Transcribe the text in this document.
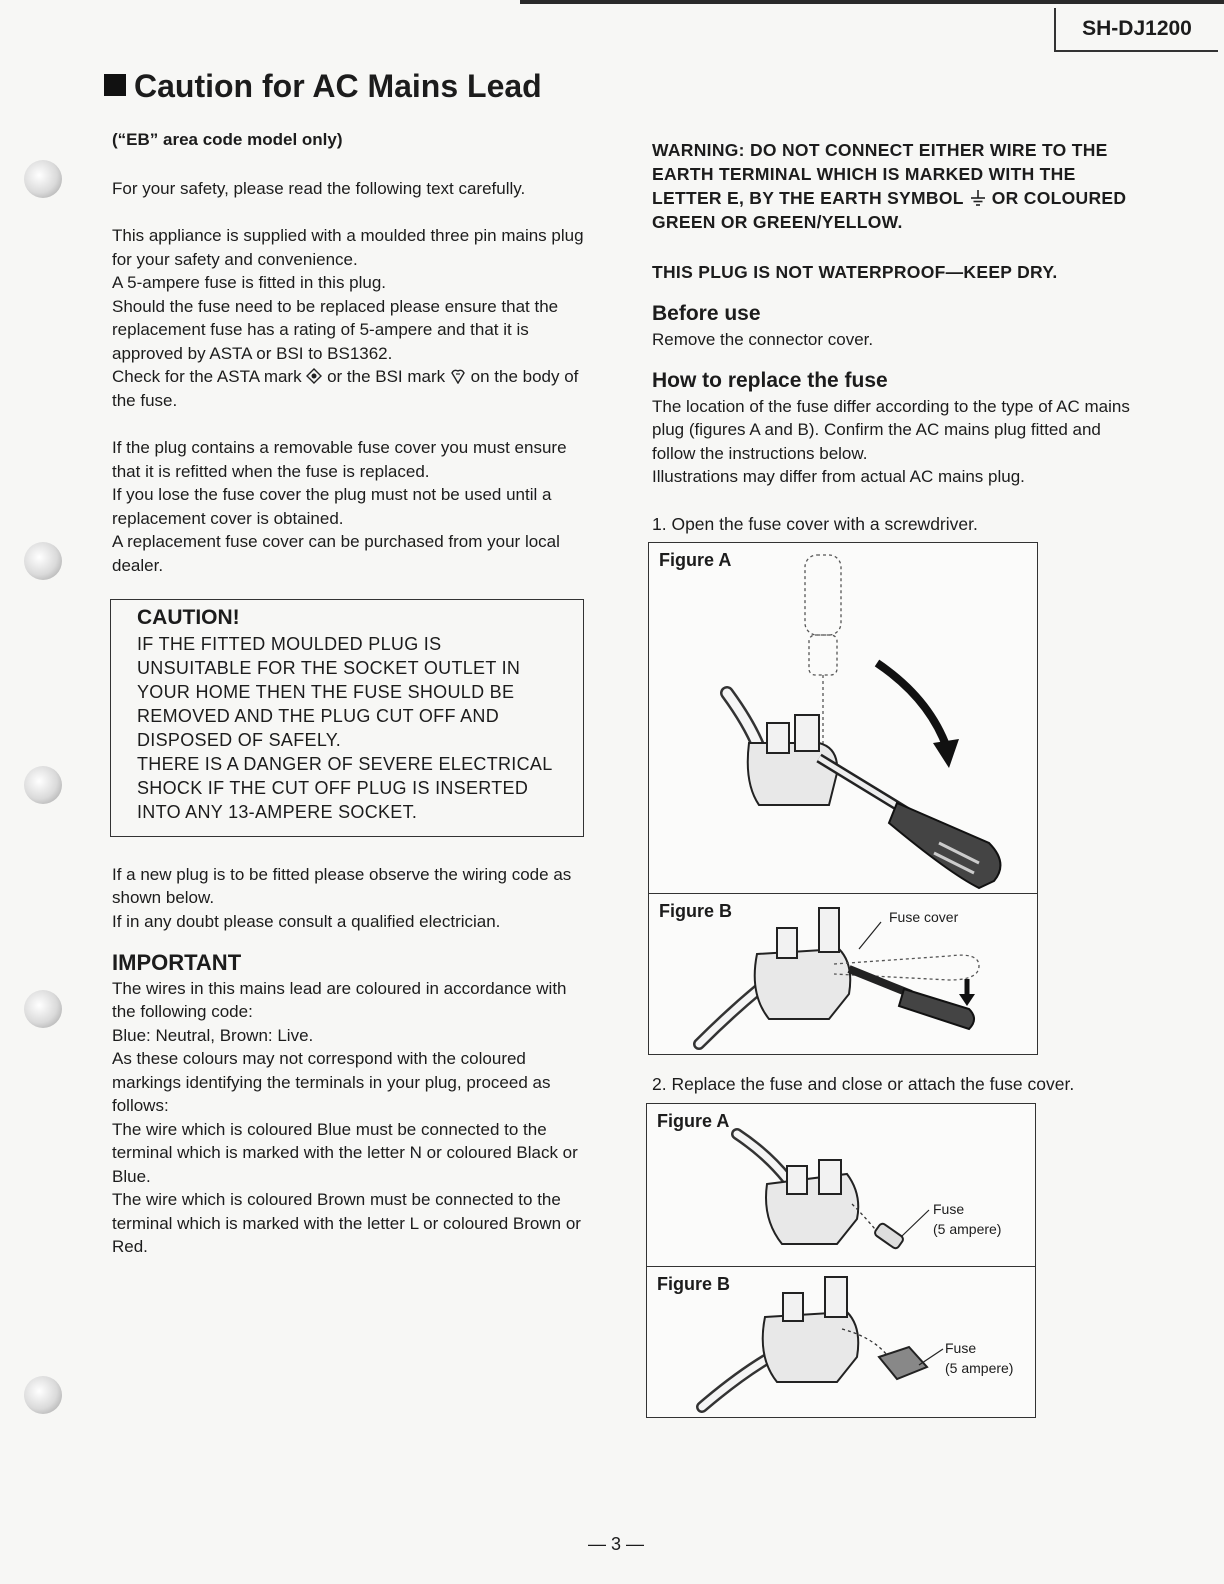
SH-DJ1200
Caution for AC Mains Lead

(“EB” area code model only)

For your safety, please read the following text carefully.

This appliance is supplied with a moulded three pin mains plug for your safety and convenience.

A 5-ampere fuse is fitted in this plug.

Should the fuse need to be replaced please ensure that the replacement fuse has a rating of 5-ampere and that it is approved by ASTA or BSI to BS1362.

Check for the ASTA mark or the BSI mark on the body of the fuse.

If the plug contains a removable fuse cover you must ensure that it is refitted when the fuse is replaced.

If you lose the fuse cover the plug must not be used until a replacement cover is obtained.

A replacement fuse cover can be purchased from your local dealer.

CAUTION!

IF THE FITTED MOULDED PLUG IS UNSUITABLE FOR THE SOCKET OUTLET IN YOUR HOME THEN THE FUSE SHOULD BE REMOVED AND THE PLUG CUT OFF AND DISPOSED OF SAFELY.

THERE IS A DANGER OF SEVERE ELECTRICAL SHOCK IF THE CUT OFF PLUG IS INSERTED INTO ANY 13-AMPERE SOCKET.

If a new plug is to be fitted please observe the wiring code as shown below.

If in any doubt please consult a qualified electrician.

IMPORTANT

The wires in this mains lead are coloured in accordance with the following code:

Blue: Neutral, Brown: Live.

As these colours may not correspond with the coloured markings identifying the terminals in your plug, proceed as follows:

The wire which is coloured Blue must be connected to the terminal which is marked with the letter N or coloured Black or Blue.

The wire which is coloured Brown must be connected to the terminal which is marked with the letter L or coloured Brown or Red.

WARNING: DO NOT CONNECT EITHER WIRE TO THE EARTH TERMINAL WHICH IS MARKED WITH THE LETTER E, BY THE EARTH SYMBOL OR COLOURED GREEN OR GREEN/YELLOW.

THIS PLUG IS NOT WATERPROOF—KEEP DRY.

Before use

Remove the connector cover.

How to replace the fuse

The location of the fuse differ according to the type of AC mains plug (figures A and B). Confirm the AC mains plug fitted and follow the instructions below.

Illustrations may differ from actual AC mains plug.

1. Open the fuse cover with a screwdriver.

Figure A
Figure B	Fuse cover

2. Replace the fuse and close or attach the fuse cover.

Figure A
Fuse
(5 ampere)
Figure B
Fuse
(5 ampere)
— 3 —
